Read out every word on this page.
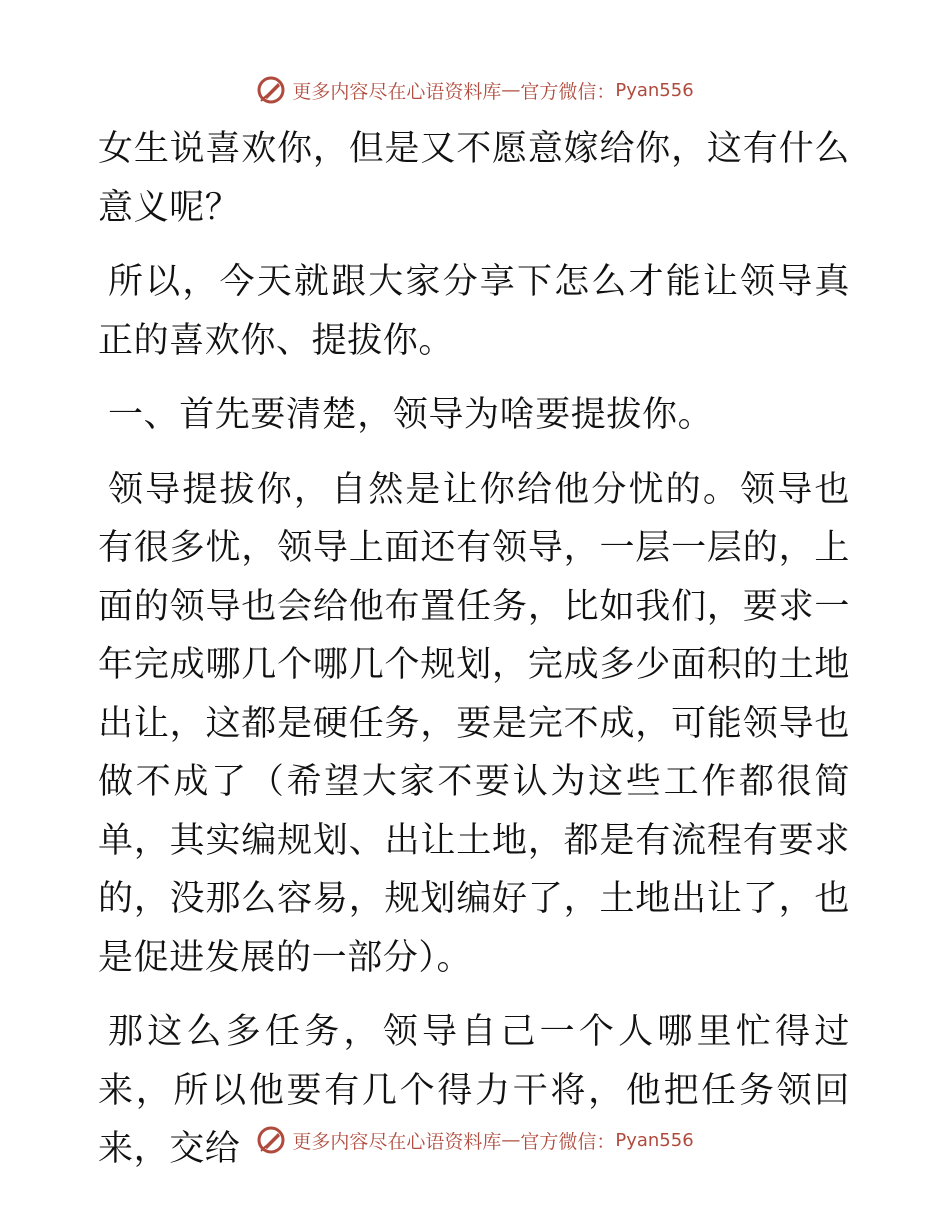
更多内容尽在心语资料库 — 官方微信： Pyan556

女生说喜欢你，但是又不愿意嫁给你，这有什么意义呢？

所以，今天就跟大家分享下怎么才能让领导真正的喜欢你、提拔你。

一、首先要清楚，领导为啥要提拔你。

领导提拔你，自然是让你给他分忧的。领导也有很多忧，领导上面还有领导，一层一层的，上面的领导也会给他布置任务，比如我们，要求一年完成哪几个哪几个规划，完成多少面积的土地出让，这都是硬任务，要是完不成，可能领导也做不成了（希望大家不要认为这些工作都很简单，其实编规划、出让土地，都是有流程有要求的，没那么容易，规划编好了，土地出让了，也是促进发展的一部分）。

那这么多任务，领导自己一个人哪里忙得过来，所以他要有几个得力干将，他把任务领回来，交给	更多内容尽在心语资料库 — 官方微信： Pyan556
